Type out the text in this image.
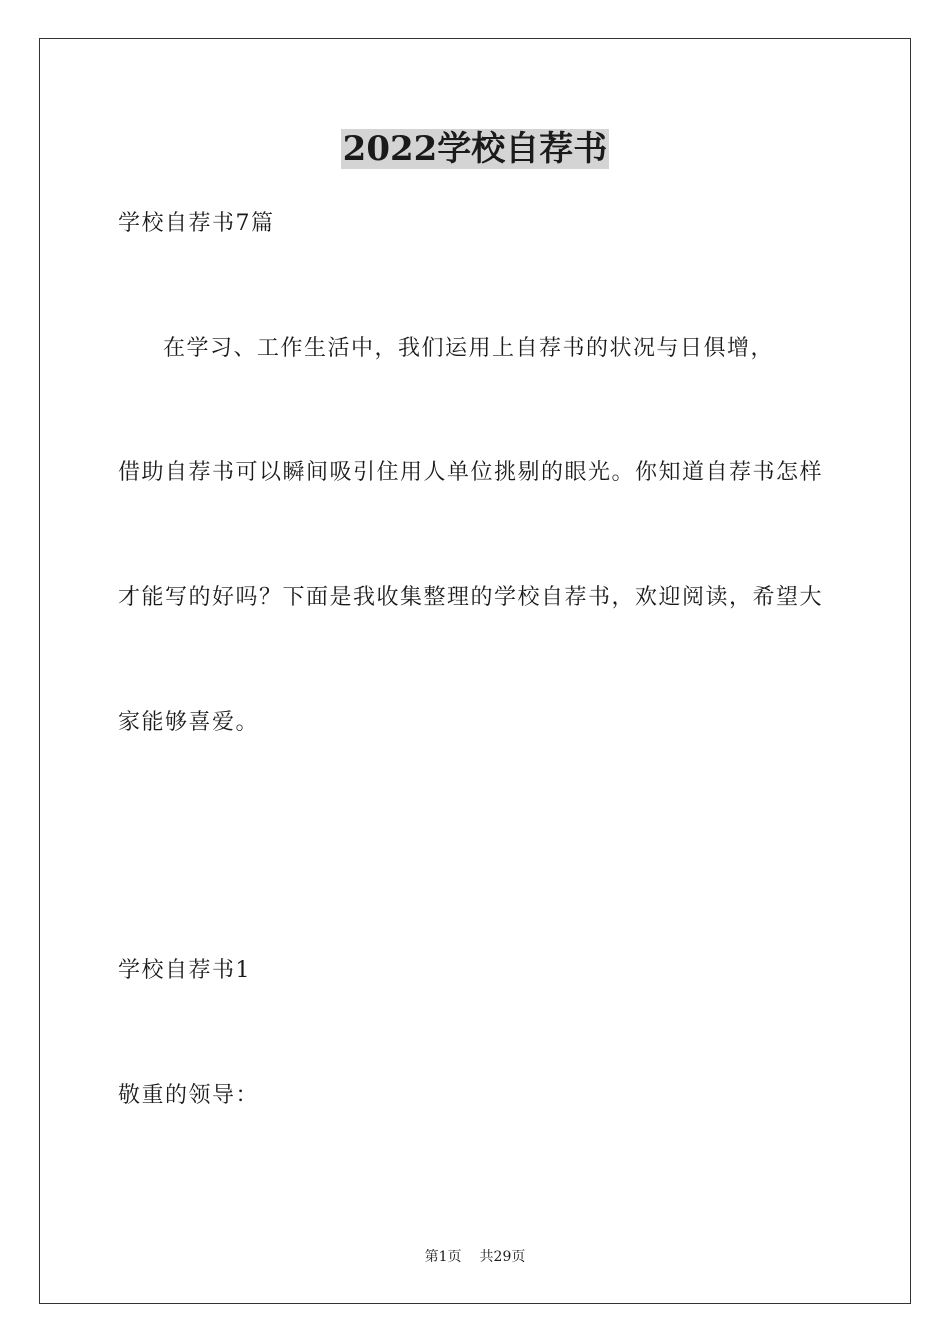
2022学校自荐书
学校自荐书7篇
　　在学习、工作生活中，我们运用上自荐书的状况与日俱增，
借助自荐书可以瞬间吸引住用人单位挑剔的眼光。你知道自荐书怎样
才能写的好吗？下面是我收集整理的学校自荐书，欢迎阅读，希望大
家能够喜爱。
学校自荐书1
敬重的领导：
第1页 共29页
